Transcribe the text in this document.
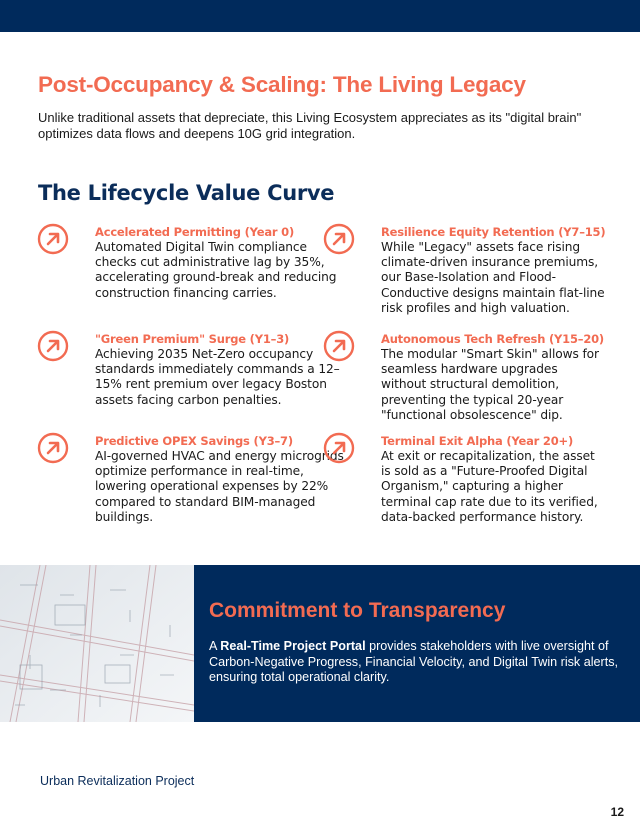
Post-Occupancy & Scaling: The Living Legacy

Unlike traditional assets that depreciate, this Living Ecosystem appreciates as its "digital brain" optimizes data flows and deepens 10G grid integration.

The Lifecycle Value Curve
Accelerated Permitting (Year 0)
Automated Digital Twin compliance checks cut administrative lag by 35%, accelerating ground-break and reducing construction financing carries.
"Green Premium" Surge (Y1–3)
Achieving 2035 Net-Zero occupancy standards immediately commands a 12–15% rent premium over legacy Boston assets facing carbon penalties.
Predictive OPEX Savings (Y3–7)
AI-governed HVAC and energy microgrids optimize performance in real-time, lowering operational expenses by 22% compared to standard BIM-managed buildings.
Resilience Equity Retention (Y7–15)
While "Legacy" assets face rising climate-driven insurance premiums, our Base-Isolation and Flood-Conductive designs maintain flat-line risk profiles and high valuation.
Autonomous Tech Refresh (Y15–20)
The modular "Smart Skin" allows for seamless hardware upgrades without structural demolition, preventing the typical 20-year "functional obsolescence" dip.
Terminal Exit Alpha (Year 20+)
At exit or recapitalization, the asset is sold as a "Future-Proofed Digital Organism," capturing a higher terminal cap rate due to its verified, data-backed performance history.
Commitment to Transparency

A Real-Time Project Portal provides stakeholders with live oversight of Carbon-Negative Progress, Financial Velocity, and Digital Twin risk alerts, ensuring total operational clarity.

Urban Revitalization Project
12
